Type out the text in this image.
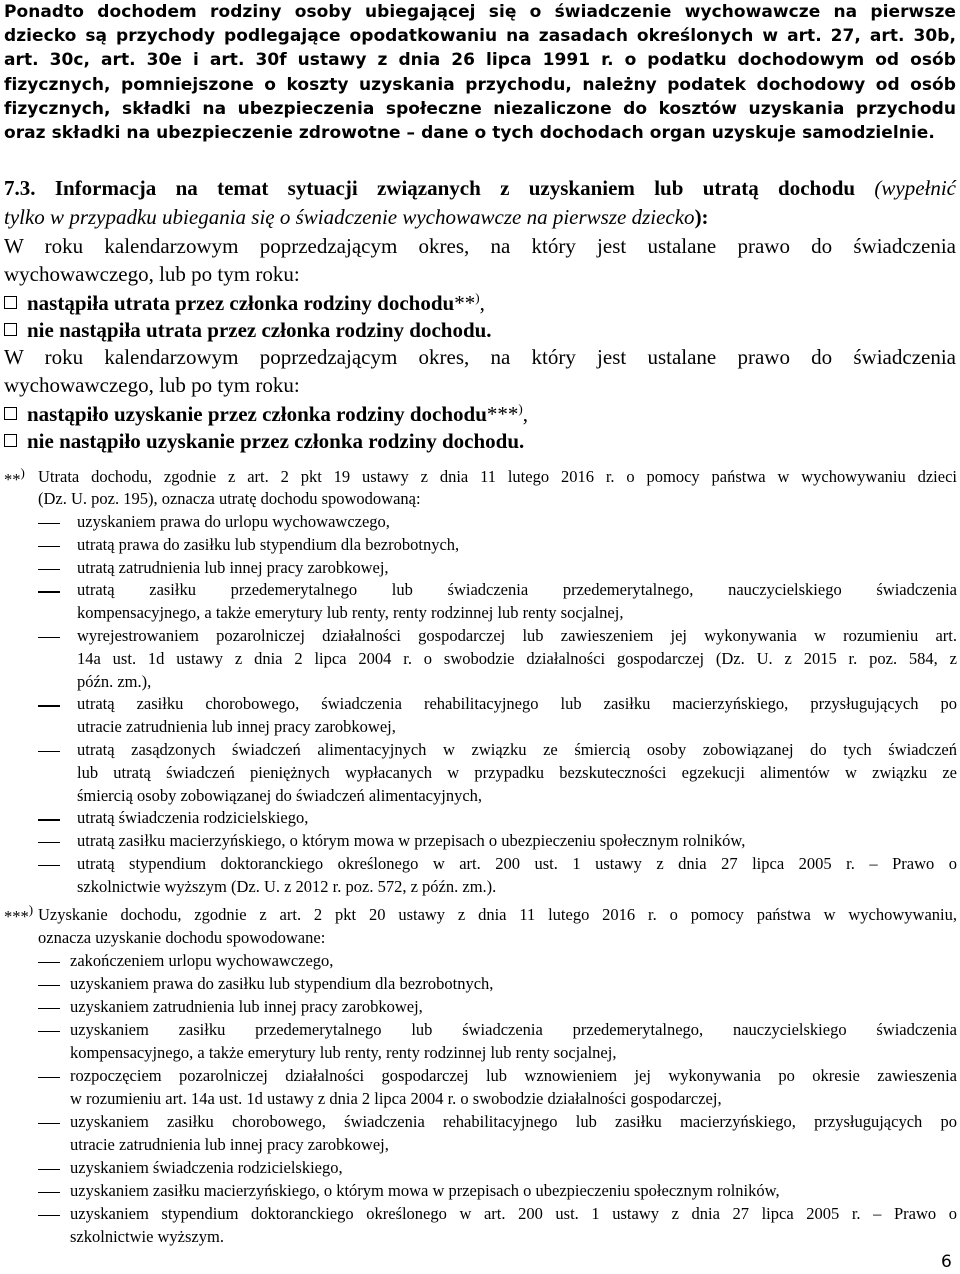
Ponadto dochodem rodziny osoby ubiegającej się o świadczenie wychowawcze na pierwsze
dziecko są przychody podlegające opodatkowaniu na zasadach określonych w art. 27, art. 30b,
art. 30c, art. 30e i art. 30f ustawy z dnia 26 lipca 1991 r. o podatku dochodowym od osób
fizycznych, pomniejszone o koszty uzyskania przychodu, należny podatek dochodowy od osób
fizycznych, składki na ubezpieczenia społeczne niezaliczone do kosztów uzyskania przychodu
oraz składki na ubezpieczenie zdrowotne – dane o tych dochodach organ uzyskuje samodzielnie.
7.3. Informacja na temat sytuacji związanych z uzyskaniem lub utratą dochodu (wypełnić
tylko w przypadku ubiegania się o świadczenie wychowawcze na pierwsze dziecko):
W roku kalendarzowym poprzedzającym okres, na który jest ustalane prawo do świadczenia
wychowawczego, lub po tym roku:
nastąpiła utrata przez członka rodziny dochodu**),
nie nastąpiła utrata przez członka rodziny dochodu.
W roku kalendarzowym poprzedzającym okres, na który jest ustalane prawo do świadczenia
wychowawczego, lub po tym roku:
nastąpiło uzyskanie przez członka rodziny dochodu***),
nie nastąpiło uzyskanie przez członka rodziny dochodu.
**) Utrata dochodu, zgodnie z art. 2 pkt 19 ustawy z dnia 11 lutego 2016 r. o pomocy państwa w wychowywaniu dzieci
(Dz. U. poz. 195), oznacza utratę dochodu spowodowaną:
uzyskaniem prawa do urlopu wychowawczego,
utratą prawa do zasiłku lub stypendium dla bezrobotnych,
utratą zatrudnienia lub innej pracy zarobkowej,
utratą zasiłku przedemerytalnego lub świadczenia przedemerytalnego, nauczycielskiego świadczenia
kompensacyjnego, a także emerytury lub renty, renty rodzinnej lub renty socjalnej,
wyrejestrowaniem pozarolniczej działalności gospodarczej lub zawieszeniem jej wykonywania w rozumieniu art.
14a ust. 1d ustawy z dnia 2 lipca 2004 r. o swobodzie działalności gospodarczej (Dz. U. z 2015 r. poz. 584, z
późn. zm.),
utratą zasiłku chorobowego, świadczenia rehabilitacyjnego lub zasiłku macierzyńskiego, przysługujących po
utracie zatrudnienia lub innej pracy zarobkowej,
utratą zasądzonych świadczeń alimentacyjnych w związku ze śmiercią osoby zobowiązanej do tych świadczeń
lub utratą świadczeń pieniężnych wypłacanych w przypadku bezskuteczności egzekucji alimentów w związku ze
śmiercią osoby zobowiązanej do świadczeń alimentacyjnych,
utratą świadczenia rodzicielskiego,
utratą zasiłku macierzyńskiego, o którym mowa w przepisach o ubezpieczeniu społecznym rolników,
utratą stypendium doktoranckiego określonego w art. 200 ust. 1 ustawy z dnia 27 lipca 2005 r. – Prawo o
szkolnictwie wyższym (Dz. U. z 2012 r. poz. 572, z późn. zm.).
***) Uzyskanie dochodu, zgodnie z art. 2 pkt 20 ustawy z dnia 11 lutego 2016 r. o pomocy państwa w wychowywaniu,
oznacza uzyskanie dochodu spowodowane:
zakończeniem urlopu wychowawczego,
uzyskaniem prawa do zasiłku lub stypendium dla bezrobotnych,
uzyskaniem zatrudnienia lub innej pracy zarobkowej,
uzyskaniem zasiłku przedemerytalnego lub świadczenia przedemerytalnego, nauczycielskiego świadczenia
kompensacyjnego, a także emerytury lub renty, renty rodzinnej lub renty socjalnej,
rozpoczęciem pozarolniczej działalności gospodarczej lub wznowieniem jej wykonywania po okresie zawieszenia
w rozumieniu art. 14a ust. 1d ustawy z dnia 2 lipca 2004 r. o swobodzie działalności gospodarczej,
uzyskaniem zasiłku chorobowego, świadczenia rehabilitacyjnego lub zasiłku macierzyńskiego, przysługujących po
utracie zatrudnienia lub innej pracy zarobkowej,
uzyskaniem świadczenia rodzicielskiego,
uzyskaniem zasiłku macierzyńskiego, o którym mowa w przepisach o ubezpieczeniu społecznym rolników,
uzyskaniem stypendium doktoranckiego określonego w art. 200 ust. 1 ustawy z dnia 27 lipca 2005 r. – Prawo o
szkolnictwie wyższym.
6
